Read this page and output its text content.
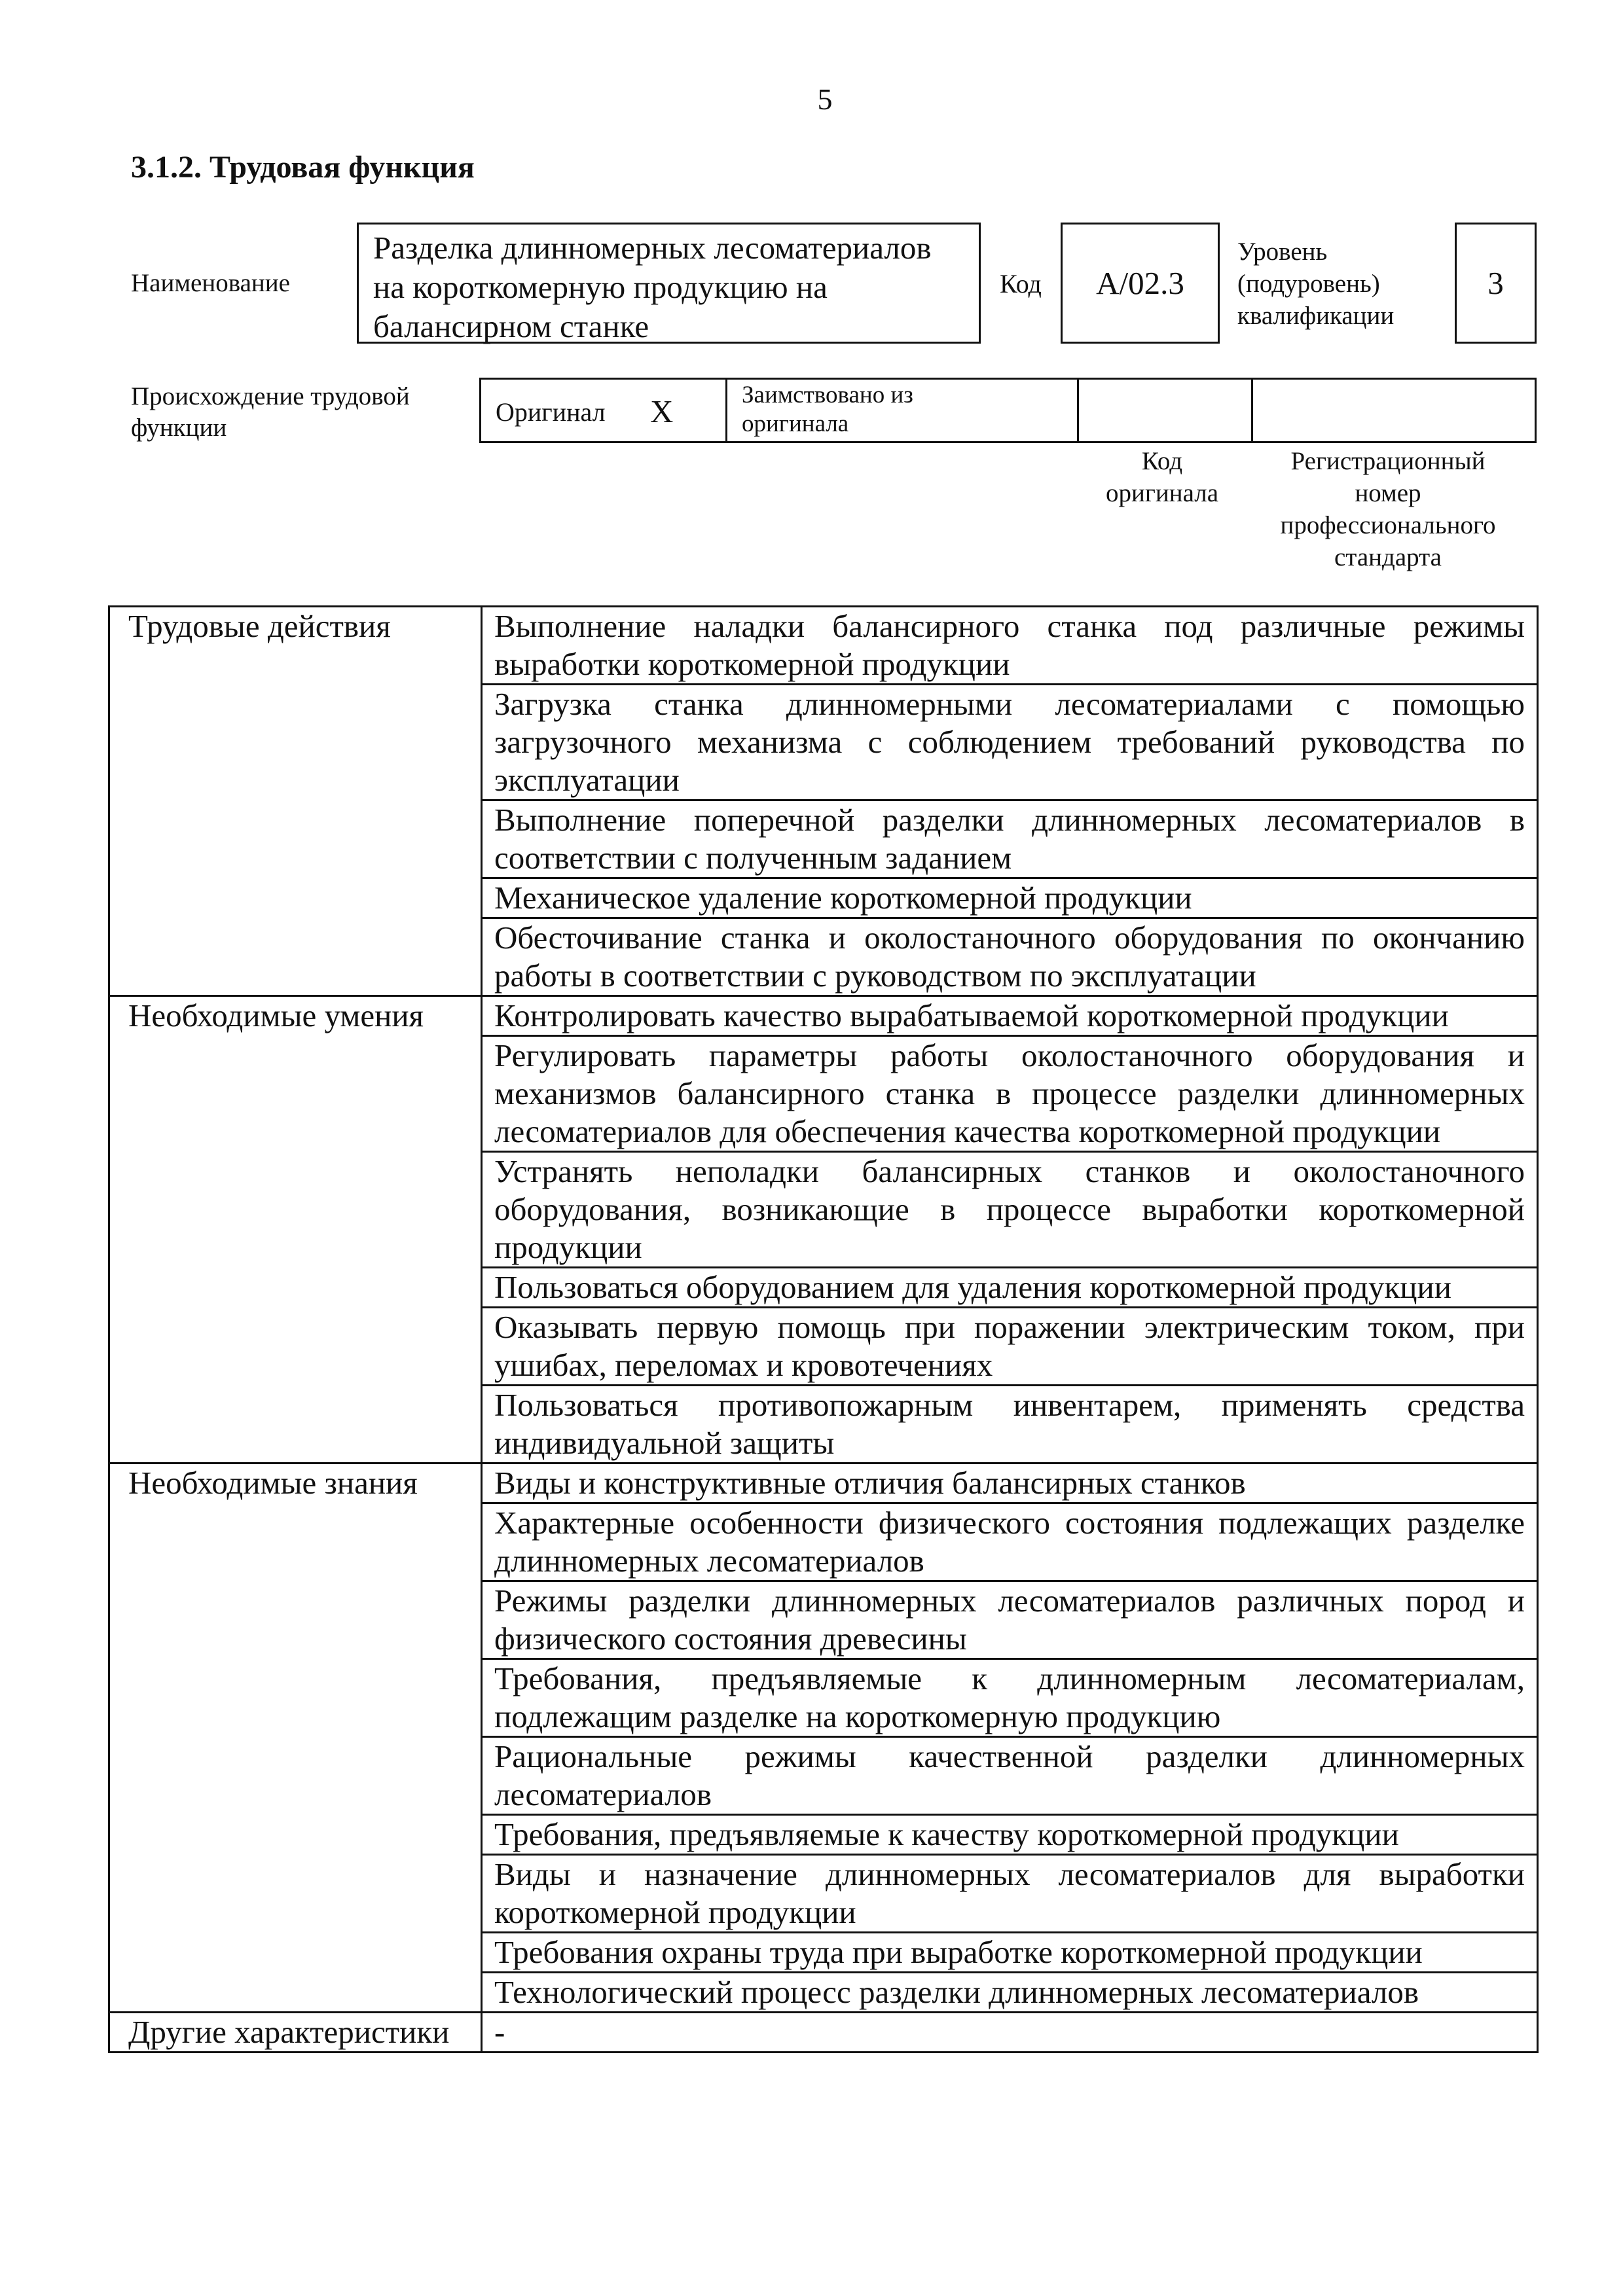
5
3.1.2. Трудовая функция
Наименование
Разделка длинномерных лесоматериалов на короткомерную продукцию на балансирном станке
Код A/02.3
Уровень
(подуровень)
квалификации
3
Происхождение трудовой
функции
Оригинал X	Заимствовано из
оригинала
Код
оригинала
Регистрационный
номер
профессионального
стандарта
Трудовые действия	Выполнение наладки балансирного станка под различные режимы выработки короткомерной продукции
	Загрузка станка длинномерными лесоматериалами с помощью загрузочного механизма с соблюдением требований руководства по эксплуатации
	Выполнение поперечной разделки длинномерных лесоматериалов в соответствии с полученным заданием
	Механическое удаление короткомерной продукции
	Обесточивание станка и околостаночного оборудования по окончанию работы в соответствии с руководством по эксплуатации
Необходимые умения	Контролировать качество вырабатываемой короткомерной продукции
	Регулировать параметры работы околостаночного оборудования и механизмов балансирного станка в процессе разделки длинномерных лесоматериалов для обеспечения качества короткомерной продукции
	Устранять неполадки балансирных станков и околостаночного оборудования, возникающие в процессе выработки короткомерной продукции
	Пользоваться оборудованием для удаления короткомерной продукции
	Оказывать первую помощь при поражении электрическим током, при ушибах, переломах и кровотечениях
	Пользоваться противопожарным инвентарем, применять средства индивидуальной защиты
Необходимые знания	Виды и конструктивные отличия балансирных станков
	Характерные особенности физического состояния подлежащих разделке длинномерных лесоматериалов
	Режимы разделки длинномерных лесоматериалов различных пород и физического состояния древесины
	Требования, предъявляемые к длинномерным лесоматериалам, подлежащим разделке на короткомерную продукцию
	Рациональные режимы качественной разделки длинномерных лесоматериалов
	Требования, предъявляемые к качеству короткомерной продукции
	Виды и назначение длинномерных лесоматериалов для выработки короткомерной продукции
	Требования охраны труда при выработке короткомерной продукции
	Технологический процесс разделки длинномерных лесоматериалов
Другие характеристики	-
